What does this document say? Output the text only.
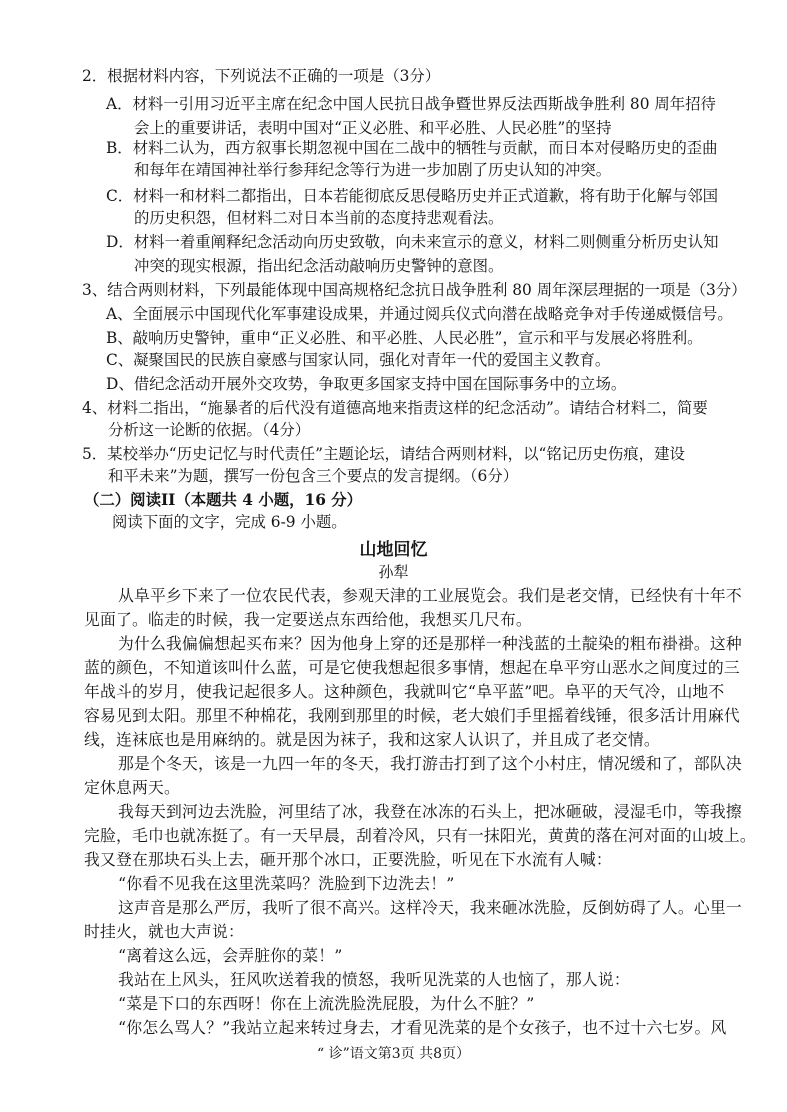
2．根据材料内容，下列说法不正确的一项是（3分）
A．材料一引用习近平主席在纪念中国人民抗日战争暨世界反法西斯战争胜利 80 周年招待
会上的重要讲话，表明中国对“正义必胜、和平必胜、人民必胜”的坚持
B．材料二认为，西方叙事长期忽视中国在二战中的牺牲与贡献，而日本对侵略历史的歪曲
和每年在靖国神社举行参拜纪念等行为进一步加剧了历史认知的冲突。
C．材料一和材料二都指出，日本若能彻底反思侵略历史并正式道歉，将有助于化解与邻国
的历史积怨，但材料二对日本当前的态度持悲观看法。
D．材料一着重阐释纪念活动向历史致敬，向未来宣示的意义，材料二则侧重分析历史认知
冲突的现实根源，指出纪念活动敲响历史警钟的意图。
3、结合两则材料，下列最能体现中国高规格纪念抗日战争胜利 80 周年深层理据的一项是（3分）
A、全面展示中国现代化军事建设成果，并通过阅兵仪式向潜在战略竞争对手传递威慑信号。
B、敲响历史警钟，重申“正义必胜、和平必胜、人民必胜”，宣示和平与发展必将胜利。
C、凝聚国民的民族自豪感与国家认同，强化对青年一代的爱国主义教育。
D、借纪念活动开展外交攻势，争取更多国家支持中国在国际事务中的立场。
4、材料二指出，“施暴者的后代没有道德高地来指责这样的纪念活动”。请结合材料二，简要
分析这一论断的依据。（4分）
5．某校举办“历史记忆与时代责任”主题论坛，请结合两则材料，以“铭记历史伤痕，建设
和平未来”为题，撰写一份包含三个要点的发言提纲。（6分）
（二）阅读II（本题共 4 小题，16 分）
阅读下面的文字，完成 6-9 小题。
山地回忆
孙犁
从阜平乡下来了一位农民代表，参观天津的工业展览会。我们是老交情，已经快有十年不
见面了。临走的时候，我一定要送点东西给他，我想买几尺布。
为什么我偏偏想起买布来？因为他身上穿的还是那样一种浅蓝的土靛染的粗布褂褂。这种
蓝的颜色，不知道该叫什么蓝，可是它使我想起很多事情，想起在阜平穷山恶水之间度过的三
年战斗的岁月，使我记起很多人。这种颜色，我就叫它“阜平蓝”吧。阜平的天气冷，山地不
容易见到太阳。那里不种棉花，我刚到那里的时候，老大娘们手里摇着线锤，很多活计用麻代
线，连袜底也是用麻纳的。就是因为袜子，我和这家人认识了，并且成了老交情。
那是个冬天，该是一九四一年的冬天，我打游击打到了这个小村庄，情况缓和了，部队决
定休息两天。
我每天到河边去洗脸，河里结了冰，我登在冰冻的石头上，把冰砸破，浸湿毛巾，等我擦
完脸，毛巾也就冻挺了。有一天早晨，刮着冷风，只有一抹阳光，黄黄的落在河对面的山坡上。
我又登在那块石头上去，砸开那个冰口，正要洗脸，听见在下水流有人喊：
“你看不见我在这里洗菜吗？洗脸到下边洗去！”
这声音是那么严厉，我听了很不高兴。这样冷天，我来砸冰洗脸，反倒妨碍了人。心里一
时挂火，就也大声说：
“离着这么远，会弄脏你的菜！”
我站在上风头，狂风吹送着我的愤怒，我听见洗菜的人也恼了，那人说：
“菜是下口的东西呀！你在上流洗脸洗屁股，为什么不脏？”
“你怎么骂人？”我站立起来转过身去，才看见洗菜的是个女孩子，也不过十六七岁。风
“ 诊”语文第3页 共8页）
